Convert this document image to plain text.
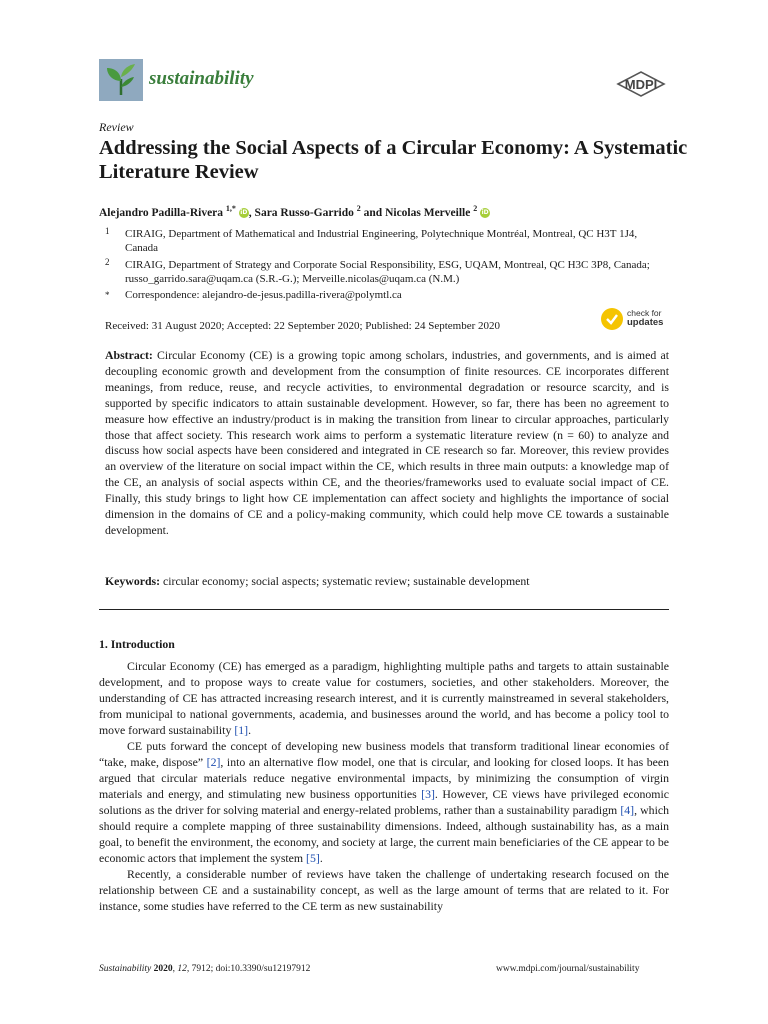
sustainability	MDPI
Review
Addressing the Social Aspects of a Circular Economy: A Systematic Literature Review
Alejandro Padilla-Rivera $^{1,*}$ iD, Sara Russo-Garrido $^2$ and Nicolas Merveille $^2$ iD
1 CIRAIG, Department of Mathematical and Industrial Engineering, Polytechnique Montréal, Montreal, QC H3T 1J4, Canada
2 CIRAIG, Department of Strategy and Corporate Social Responsibility, ESG, UQAM, Montreal, QC H3C 3P8, Canada; russo_garrido.sara@uqam.ca (S.R.-G.); Merveille.nicolas@uqam.ca (N.M.)
* Correspondence: alejandro-de-jesus.padilla-rivera@polymtl.ca
Received: 31 August 2020; Accepted: 22 September 2020; Published: 24 September 2020
check for
updates

Abstract: Circular Economy (CE) is a growing topic among scholars, industries, and governments, and is aimed at decoupling economic growth and development from the consumption of finite resources. CE incorporates different meanings, from reduce, reuse, and recycle activities, to environmental degradation or resource scarcity, and is supported by specific indicators to attain sustainable development. However, so far, there has been no agreement to measure how effective an industry/product is in making the transition from linear to circular approaches, particularly those that affect society. This research work aims to perform a systematic literature review (n = 60) to analyze and discuss how social aspects have been considered and integrated in CE research so far. Moreover, this review provides an overview of the literature on social impact within the CE, which results in three main outputs: a knowledge map of the CE, an analysis of social aspects within CE, and the theories/frameworks used to evaluate social impact of CE. Finally, this study brings to light how CE implementation can affect society and highlights the importance of social dimension in the domains of CE and a policy-making community, which could help move CE towards a sustainable development.

Keywords: circular economy; social aspects; systematic review; sustainable development
1. Introduction

Circular Economy (CE) has emerged as a paradigm, highlighting multiple paths and targets to attain sustainable development, and to propose ways to create value for costumers, societies, and other stakeholders. Moreover, the understanding of CE has attracted increasing research interest, and it is currently mainstreamed in several stakeholders, from municipal to national governments, academia, and businesses around the world, and has become a policy tool to move forward sustainability [1].

CE puts forward the concept of developing new business models that transform traditional linear economies of “take, make, dispose” [2], into an alternative flow model, one that is circular, and looking for closed loops. It has been argued that circular materials reduce negative environmental impacts, by minimizing the consumption of virgin materials and energy, and stimulating new business opportunities [3]. However, CE views have privileged economic solutions as the driver for solving material and energy-related problems, rather than a sustainability paradigm [4], which should require a complete mapping of three sustainability dimensions. Indeed, although sustainability has, as a main goal, to benefit the environment, the economy, and society at large, the current main beneficiaries of the CE appear to be economic actors that implement the system [5].

Recently, a considerable number of reviews have taken the challenge of undertaking research focused on the relationship between CE and a sustainability concept, as well as the large amount of terms that are related to it. For instance, some studies have referred to the CE term as new sustainability

Sustainability 2020, 12, 7912; doi:10.3390/su12197912	www.mdpi.com/journal/sustainability
